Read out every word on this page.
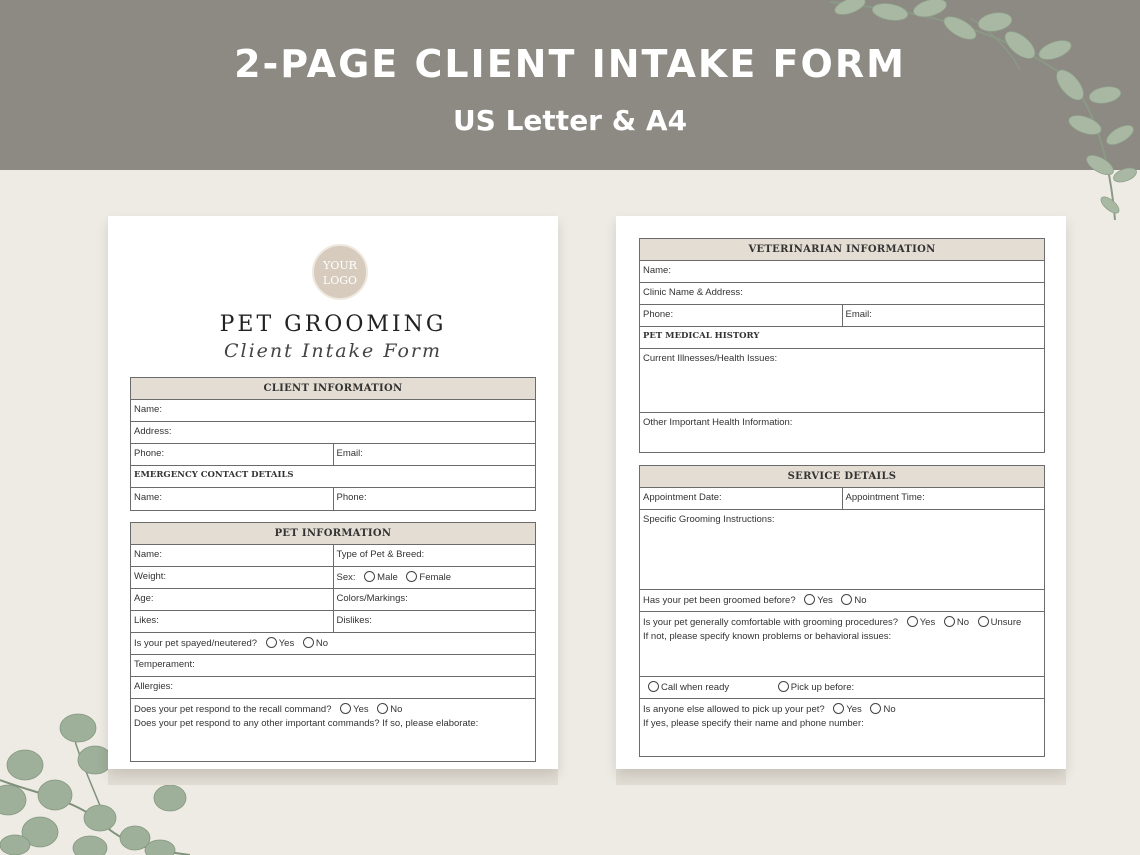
2-PAGE CLIENT INTAKE FORM
US Letter & A4
YOUR
LOGO
PET GROOMING
Client Intake Form
CLIENT INFORMATION
Name:
Address:
Phone:	Email:
EMERGENCY CONTACT DETAILS
Name:	Phone:
PET INFORMATION
Name:	Type of Pet & Breed:
Weight:	Sex: Male Female
Age:	Colors/Markings:
Likes:	Dislikes:
Is your pet spayed/neutered? Yes No
Temperament:
Allergies:
Does your pet respond to the recall command? Yes No
Does your pet respond to any other important commands? If so, please elaborate:
VETERINARIAN INFORMATION
Name:
Clinic Name & Address:
Phone:	Email:
PET MEDICAL HISTORY
Current Illnesses/Health Issues:
Other Important Health Information:
SERVICE DETAILS
Appointment Date:	Appointment Time:
Specific Grooming Instructions:
Has your pet been groomed before? Yes No
Is your pet generally comfortable with grooming procedures? Yes No Unsure
If not, please specify known problems or behavioral issues:
Call when ready	Pick up before:
Is anyone else allowed to pick up your pet? Yes No
If yes, please specify their name and phone number:
